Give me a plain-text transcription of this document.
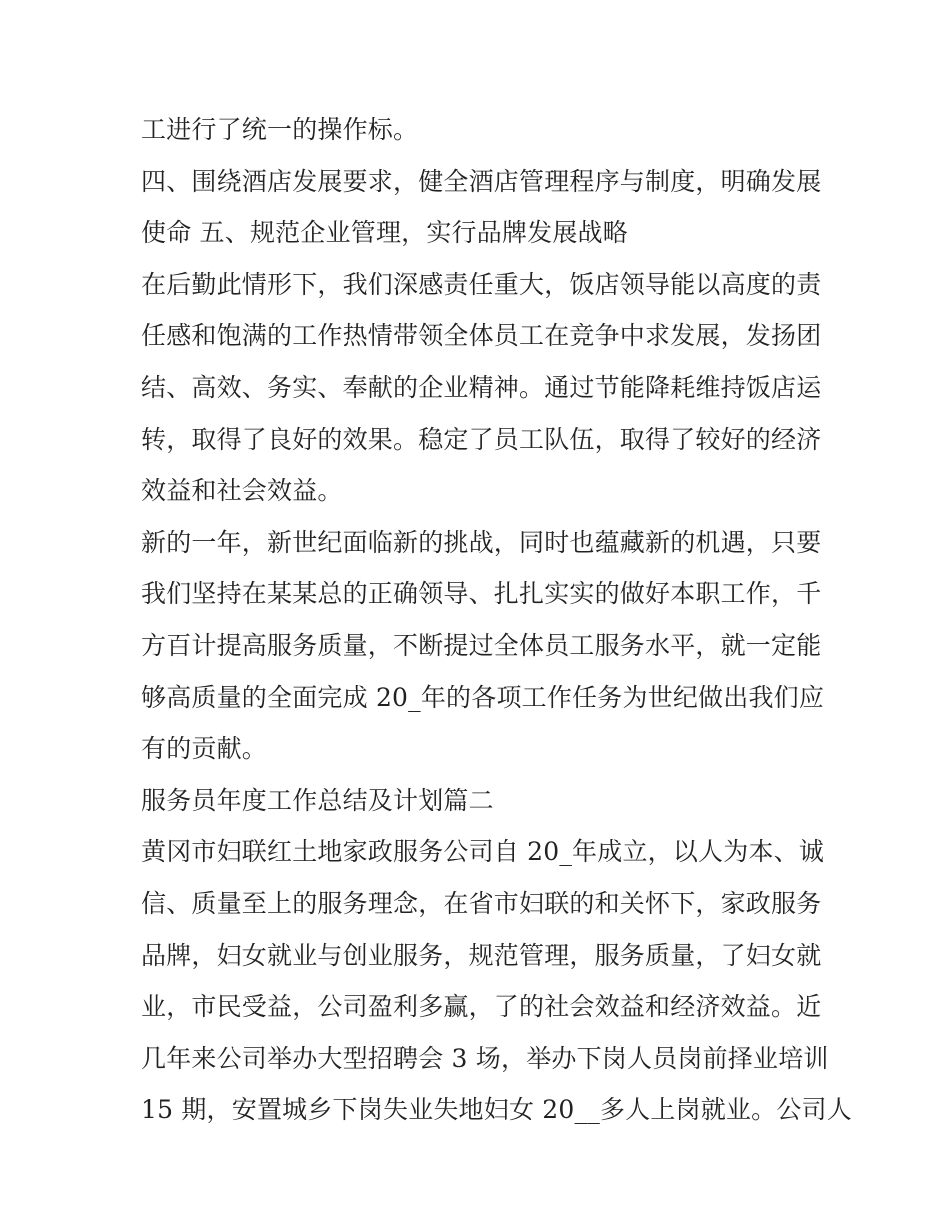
工进行了统一的操作标。
四、围绕酒店发展要求，健全酒店管理程序与制度，明确发展
使命 五、规范企业管理，实行品牌发展战略
在后勤此情形下，我们深感责任重大，饭店领导能以高度的责
任感和饱满的工作热情带领全体员工在竞争中求发展，发扬团
结、高效、务实、奉献的企业精神。通过节能降耗维持饭店运
转，取得了良好的效果。稳定了员工队伍，取得了较好的经济
效益和社会效益。
新的一年，新世纪面临新的挑战，同时也蕴藏新的机遇，只要
我们坚持在某某总的正确领导、扎扎实实的做好本职工作，千
方百计提高服务质量，不断提过全体员工服务水平，就一定能
够高质量的全面完成 20_年的各项工作任务为世纪做出我们应
有的贡献。
服务员年度工作总结及计划篇二
黄冈市妇联红土地家政服务公司自 20_年成立，以人为本、诚
信、质量至上的服务理念，在省市妇联的和关怀下，家政服务
品牌，妇女就业与创业服务，规范管理，服务质量，了妇女就
业，市民受益，公司盈利多赢，了的社会效益和经济效益。近
几年来公司举办大型招聘会 3 场，举办下岗人员岗前择业培训
15 期，安置城乡下岗失业失地妇女 20__多人上岗就业。公司人
